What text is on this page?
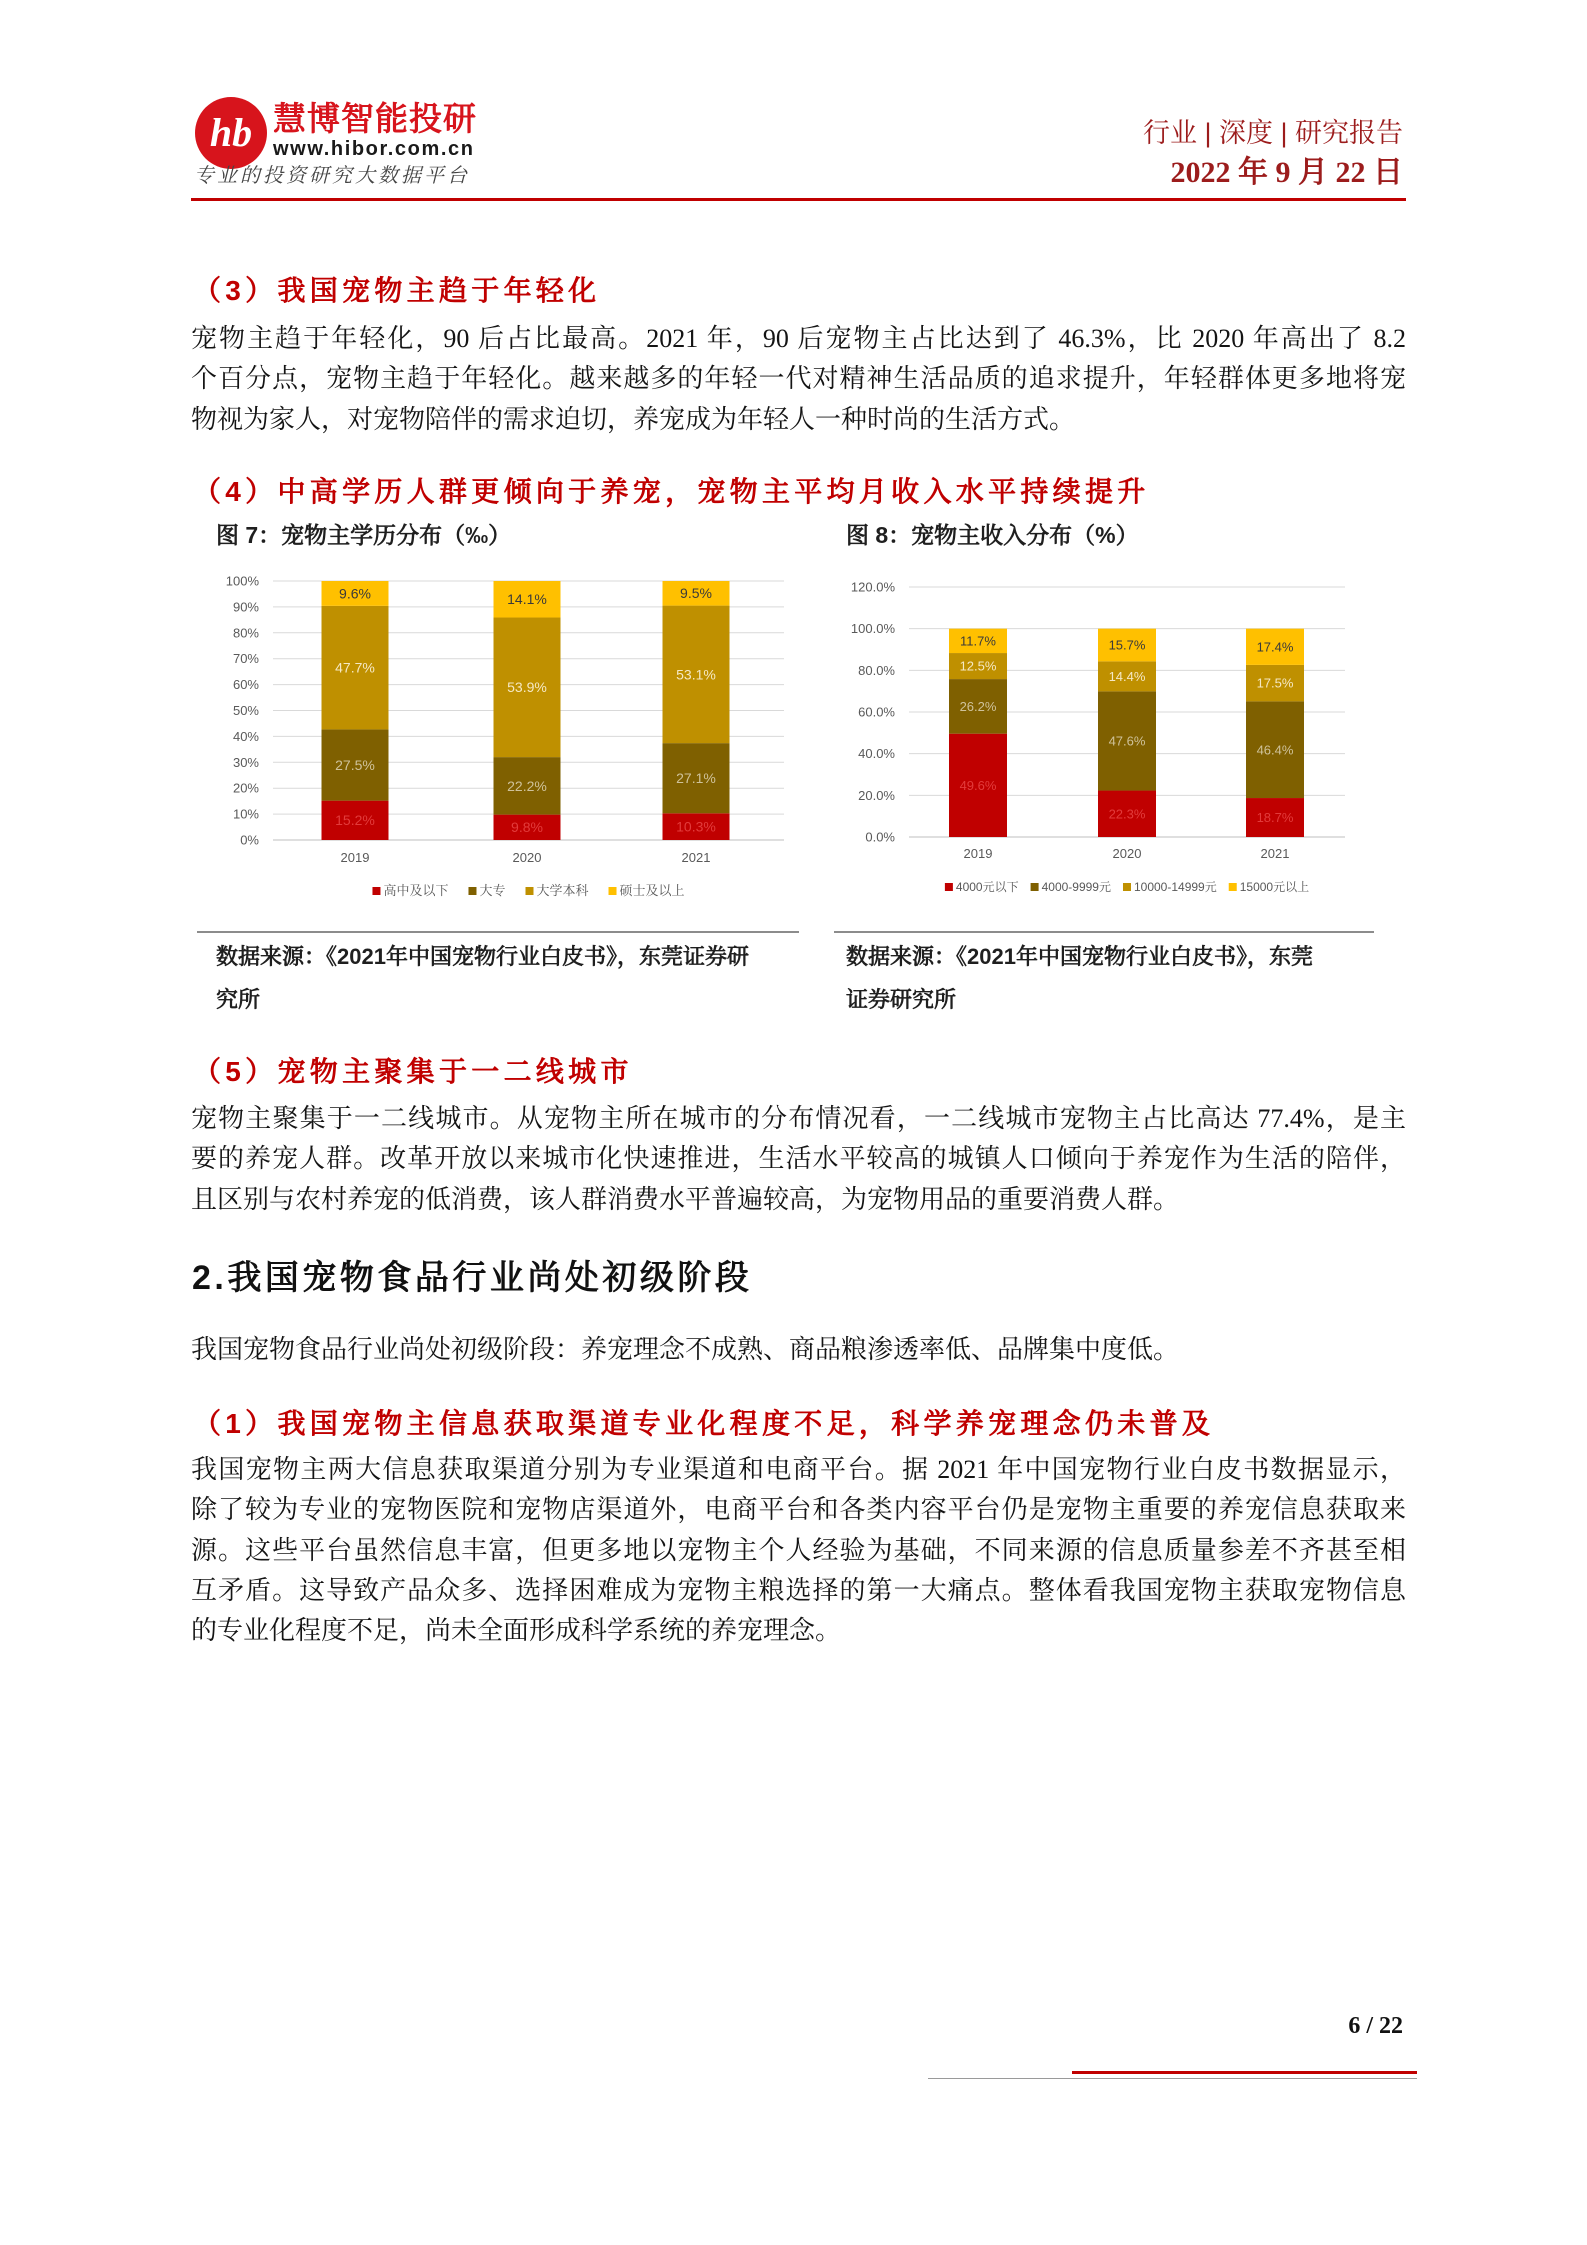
hb 慧博智能投研
www.hibor.com.cn
专业的投资研究大数据平台
行业 | 深度 | 研究报告
2022 年 9 月 22 日
（3）我国宠物主趋于年轻化
宠物主趋于年轻化，90 后占比最高。2021 年，90 后宠物主占比达到了 46.3%，比 2020 年高出了 8.2
个百分点，宠物主趋于年轻化。越来越多的年轻一代对精神生活品质的追求提升，年轻群体更多地将宠
物视为家人，对宠物陪伴的需求迫切，养宠成为年轻人一种时尚的生活方式。
（4）中高学历人群更倾向于养宠，宠物主平均月收入水平持续提升
图 7：宠物主学历分布（‰）
0%
10%
20%
30%
40%
50%
60%
70%
80%
90%
100%
15.2%
27.5%
47.7%
9.6%
2019
9.8%
22.2%
53.9%
14.1%
2020
10.3%
27.1%
53.1%
9.5%
2021
高中及以下 大专 大学本科 硕士及以上
数据来源：《2021年中国宠物行业白皮书》，东莞证券研
究所
图 8：宠物主收入分布（%）
0.0%
20.0%
40.0%
60.0%
80.0%
100.0%
120.0%
49.6%
26.2%
12.5%
11.7%
2019
22.3%
47.6%
14.4%
15.7%
2020
18.7%
46.4%
17.5%
17.4%
2021
4000元以下 4000-9999元 10000-14999元 15000元以上
数据来源：《2021年中国宠物行业白皮书》，东莞
证券研究所
（5）宠物主聚集于一二线城市
宠物主聚集于一二线城市。从宠物主所在城市的分布情况看，一二线城市宠物主占比高达 77.4%，是主
要的养宠人群。改革开放以来城市化快速推进，生活水平较高的城镇人口倾向于养宠作为生活的陪伴，
且区别与农村养宠的低消费，该人群消费水平普遍较高，为宠物用品的重要消费人群。
2.我国宠物食品行业尚处初级阶段
我国宠物食品行业尚处初级阶段：养宠理念不成熟、商品粮渗透率低、品牌集中度低。
（1）我国宠物主信息获取渠道专业化程度不足，科学养宠理念仍未普及
我国宠物主两大信息获取渠道分别为专业渠道和电商平台。据 2021 年中国宠物行业白皮书数据显示，
除了较为专业的宠物医院和宠物店渠道外，电商平台和各类内容平台仍是宠物主重要的养宠信息获取来
源。这些平台虽然信息丰富，但更多地以宠物主个人经验为基础，不同来源的信息质量参差不齐甚至相
互矛盾。这导致产品众多、选择困难成为宠物主粮选择的第一大痛点。整体看我国宠物主获取宠物信息
的专业化程度不足，尚未全面形成科学系统的养宠理念。
6 / 22
